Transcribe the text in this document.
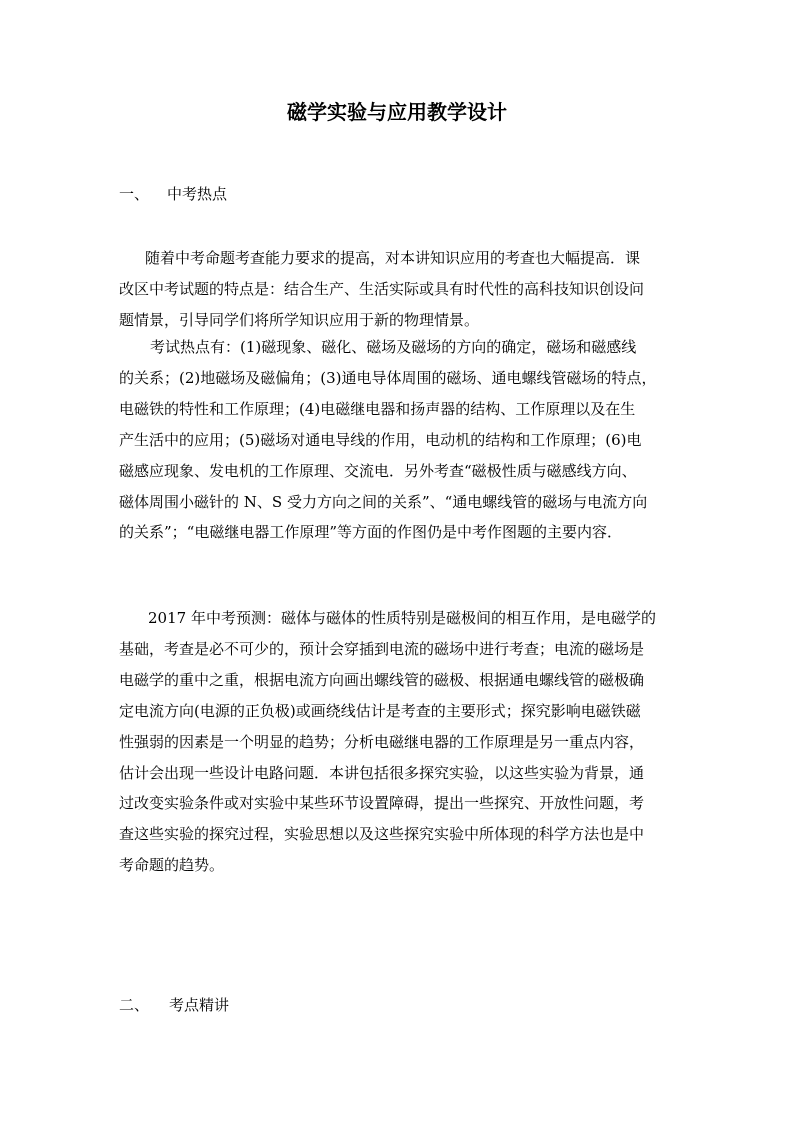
磁学实验与应用教学设计
一、 中考热点
随着中考命题考查能力要求的提高，对本讲知识应用的考查也大幅提高．课
改区中考试题的特点是：结合生产、生活实际或具有时代性的高科技知识创设问
题情景，引导同学们将所学知识应用于新的物理情景。
考试热点有：(1)磁现象、磁化、磁场及磁场的方向的确定，磁场和磁感线
的关系；(2)地磁场及磁偏角；(3)通电导体周围的磁场、通电螺线管磁场的特点，
电磁铁的特性和工作原理；(4)电磁继电器和扬声器的结构、工作原理以及在生
产生活中的应用；(5)磁场对通电导线的作用，电动机的结构和工作原理；(6)电
磁感应现象、发电机的工作原理、交流电．另外考查“磁极性质与磁感线方向、
磁体周围小磁针的 N、S 受力方向之间的关系”、“通电螺线管的磁场与电流方向
的关系”；“电磁继电器工作原理”等方面的作图仍是中考作图题的主要内容．
2017 年中考预测：磁体与磁体的性质特别是磁极间的相互作用，是电磁学的
基础，考查是必不可少的，预计会穿插到电流的磁场中进行考查；电流的磁场是
电磁学的重中之重，根据电流方向画出螺线管的磁极、根据通电螺线管的磁极确
定电流方向(电源的正负极)或画绕线估计是考查的主要形式；探究影响电磁铁磁
性强弱的因素是一个明显的趋势；分析电磁继电器的工作原理是另一重点内容，
估计会出现一些设计电路问题．本讲包括很多探究实验，以这些实验为背景，通
过改变实验条件或对实验中某些环节设置障碍，提出一些探究、开放性问题，考
查这些实验的探究过程，实验思想以及这些探究实验中所体现的科学方法也是中
考命题的趋势。
二、 考点精讲
